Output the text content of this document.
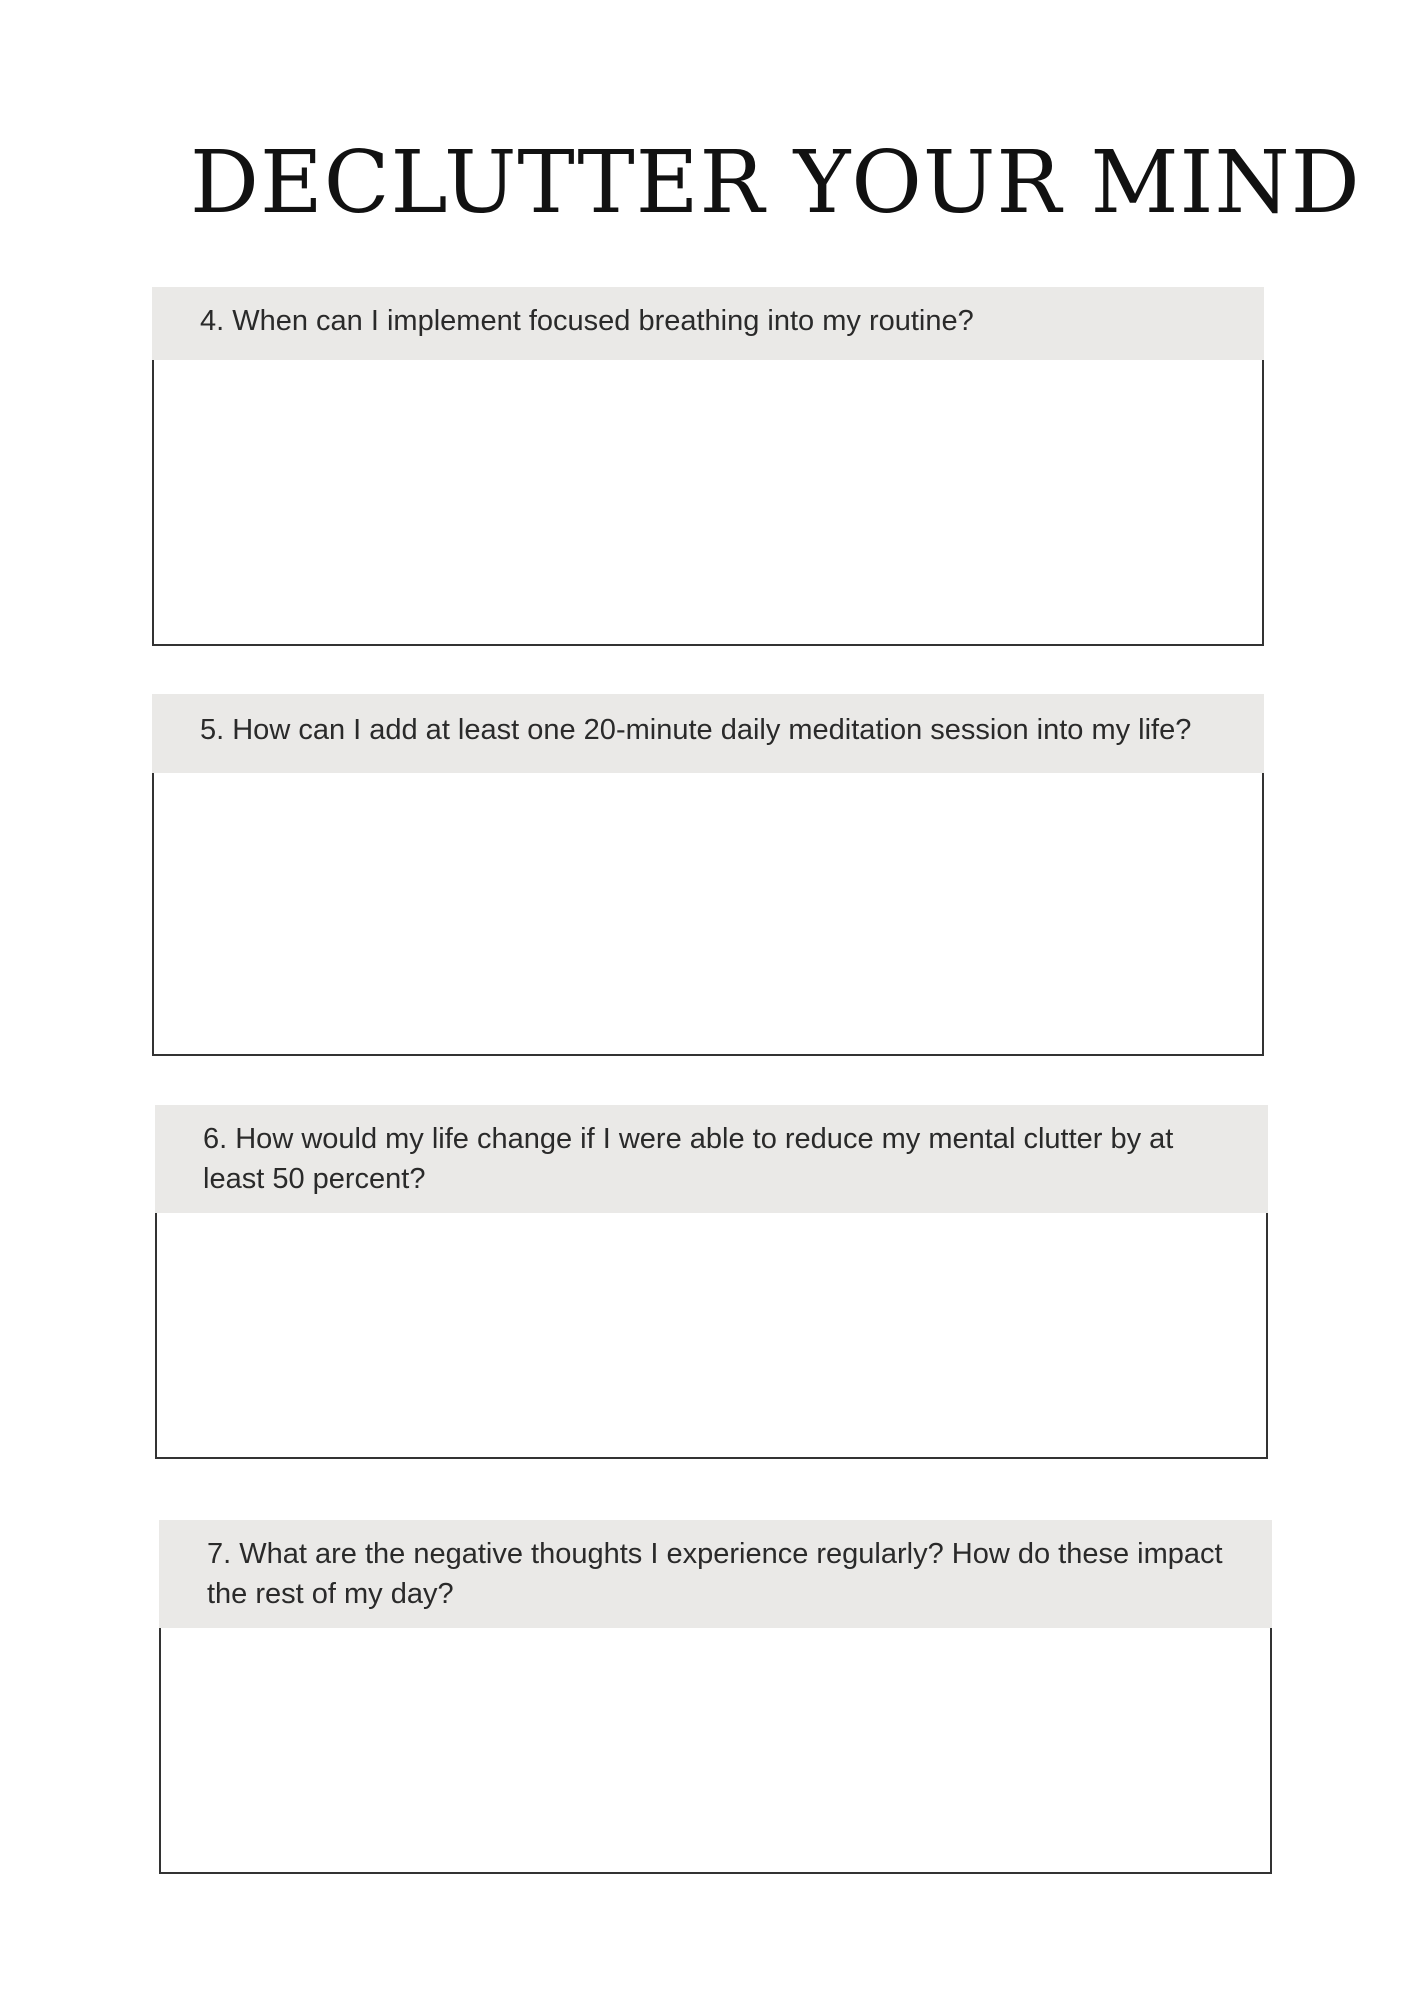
DECLUTTER YOUR MIND
4. When can I implement focused breathing into my routine?
5. How can I add at least one 20-minute daily meditation session into my life?
6. How would my life change if I were able to reduce my mental clutter by at least 50 percent?
7. What are the negative thoughts I experience regularly? How do these impact the rest of my day?
